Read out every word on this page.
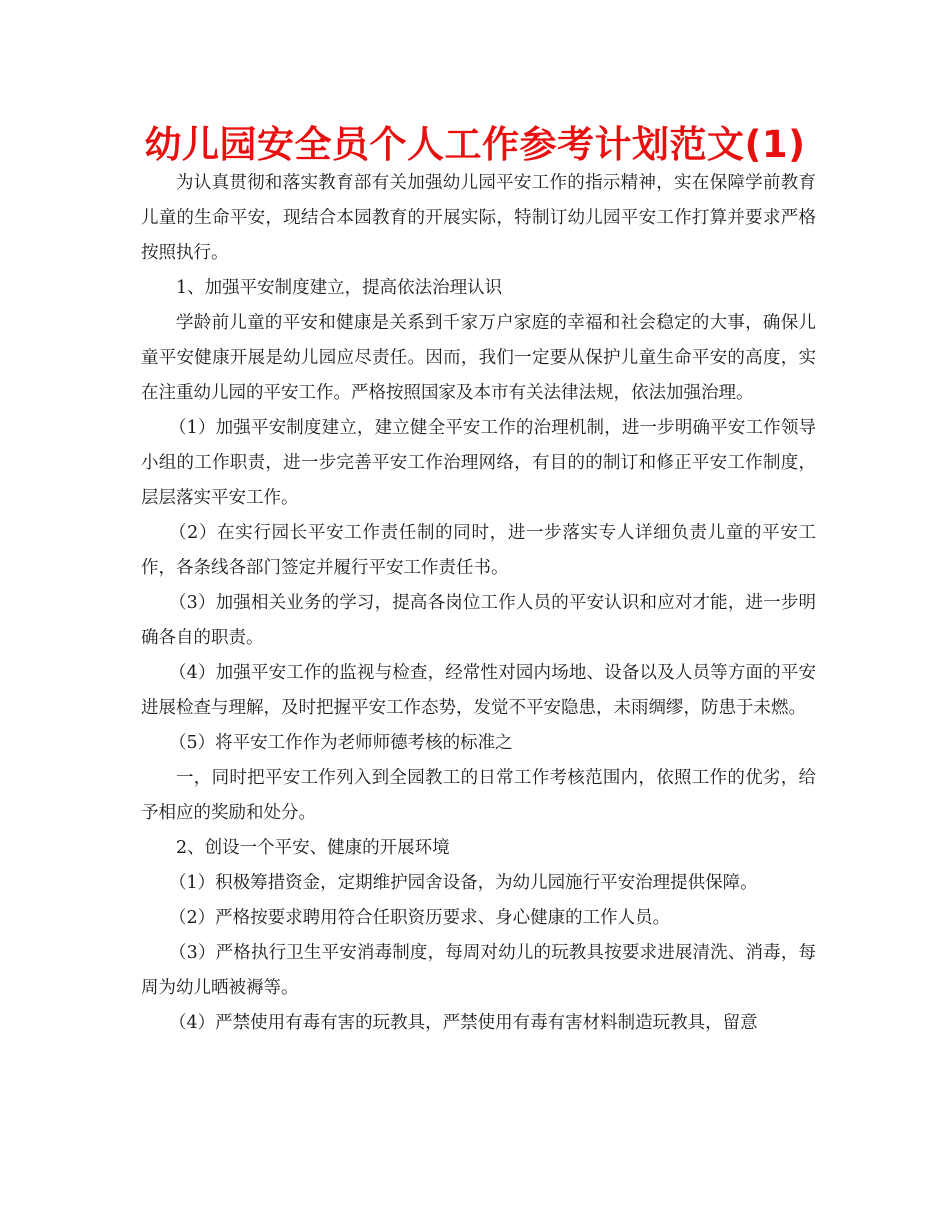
幼儿园安全员个人工作参考计划范文(1)

为认真贯彻和落实教育部有关加强幼儿园平安工作的指示精神，实在保障学前教育儿童的生命平安，现结合本园教育的开展实际，特制订幼儿园平安工作打算并要求严格按照执行。

1、加强平安制度建立，提高依法治理认识

学龄前儿童的平安和健康是关系到千家万户家庭的幸福和社会稳定的大事，确保儿童平安健康开展是幼儿园应尽责任。因而，我们一定要从保护儿童生命平安的高度，实在注重幼儿园的平安工作。严格按照国家及本市有关法律法规，依法加强治理。

（1）加强平安制度建立，建立健全平安工作的治理机制，进一步明确平安工作领导小组的工作职责，进一步完善平安工作治理网络，有目的的制订和修正平安工作制度，层层落实平安工作。

（2）在实行园长平安工作责任制的同时，进一步落实专人详细负责儿童的平安工作，各条线各部门签定并履行平安工作责任书。

（3）加强相关业务的学习，提高各岗位工作人员的平安认识和应对才能，进一步明确各自的职责。

（4）加强平安工作的监视与检查，经常性对园内场地、设备以及人员等方面的平安进展检查与理解，及时把握平安工作态势，发觉不平安隐患，未雨绸缪，防患于未燃。

（5）将平安工作作为老师师德考核的标准之

一，同时把平安工作列入到全园教工的日常工作考核范围内，依照工作的优劣，给予相应的奖励和处分。

2、创设一个平安、健康的开展环境

（1）积极筹措资金，定期维护园舍设备，为幼儿园施行平安治理提供保障。

（2）严格按要求聘用符合任职资历要求、身心健康的工作人员。

（3）严格执行卫生平安消毒制度，每周对幼儿的玩教具按要求进展清洗、消毒，每周为幼儿晒被褥等。

（4）严禁使用有毒有害的玩教具，严禁使用有毒有害材料制造玩教具，留意
